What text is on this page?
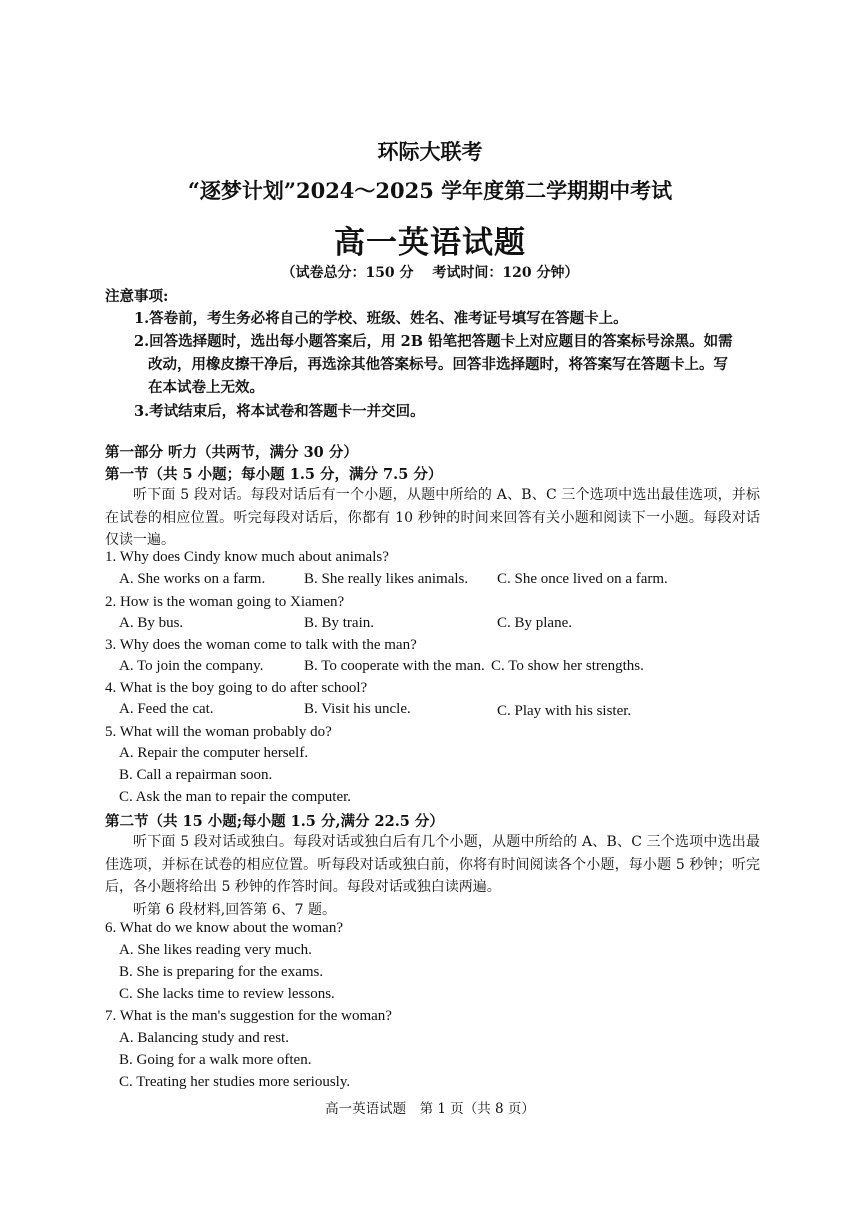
环际大联考
“逐梦计划”2024～2025 学年度第二学期期中考试
高一英语试题
（试卷总分：150 分　 考试时间：120 分钟）
注意事项:
1.答卷前，考生务必将自己的学校、班级、姓名、准考证号填写在答题卡上。
2.回答选择题时，选出每小题答案后，用 2B 铅笔把答题卡上对应题目的答案标号涂黑。如需
改动，用橡皮擦干净后，再选涂其他答案标号。回答非选择题时，将答案写在答题卡上。写
在本试卷上无效。
3.考试结束后，将本试卷和答题卡一并交回。
第一部分 听力（共两节，满分 30 分）
第一节（共 5 小题；每小题 1.5 分，满分 7.5 分）
听下面 5 段对话。每段对话后有一个小题，从题中所给的 A、B、C 三个选项中选出最佳选项，并标在试卷的相应位置。听完每段对话后，你都有 10 秒钟的时间来回答有关小题和阅读下一小题。每段对话仅读一遍。
1. Why does Cindy know much about animals?
A. She works on a farm.	B. She really likes animals. C. She once lived on a farm.
2. How is the woman going to Xiamen?
A. By bus.	B. By train.	C. By plane.
3. Why does the woman come to talk with the man?
A. To join the company.	B. To cooperate with the man. C. To show her strengths.
4. What is the boy going to do after school?
A. Feed the cat.	B. Visit his uncle.	C. Play with his sister.
5. What will the woman probably do?
A. Repair the computer herself.
B. Call a repairman soon.
C. Ask the man to repair the computer.
第二节（共 15 小题;每小题 1.5 分,满分 22.5 分）
听下面 5 段对话或独白。每段对话或独白后有几个小题，从题中所给的 A、B、C 三个选项中选出最佳选项，并标在试卷的相应位置。听每段对话或独白前，你将有时间阅读各个小题，每小题 5 秒钟；听完后，各小题将给出 5 秒钟的作答时间。每段对话或独白读两遍。
听第 6 段材料,回答第 6、7 题。
6. What do we know about the woman?
A. She likes reading very much.
B. She is preparing for the exams.
C. She lacks time to review lessons.
7. What is the man's suggestion for the woman?
A. Balancing study and rest.
B. Going for a walk more often.
C. Treating her studies more seriously.
高一英语试题　第 1 页（共 8 页）
